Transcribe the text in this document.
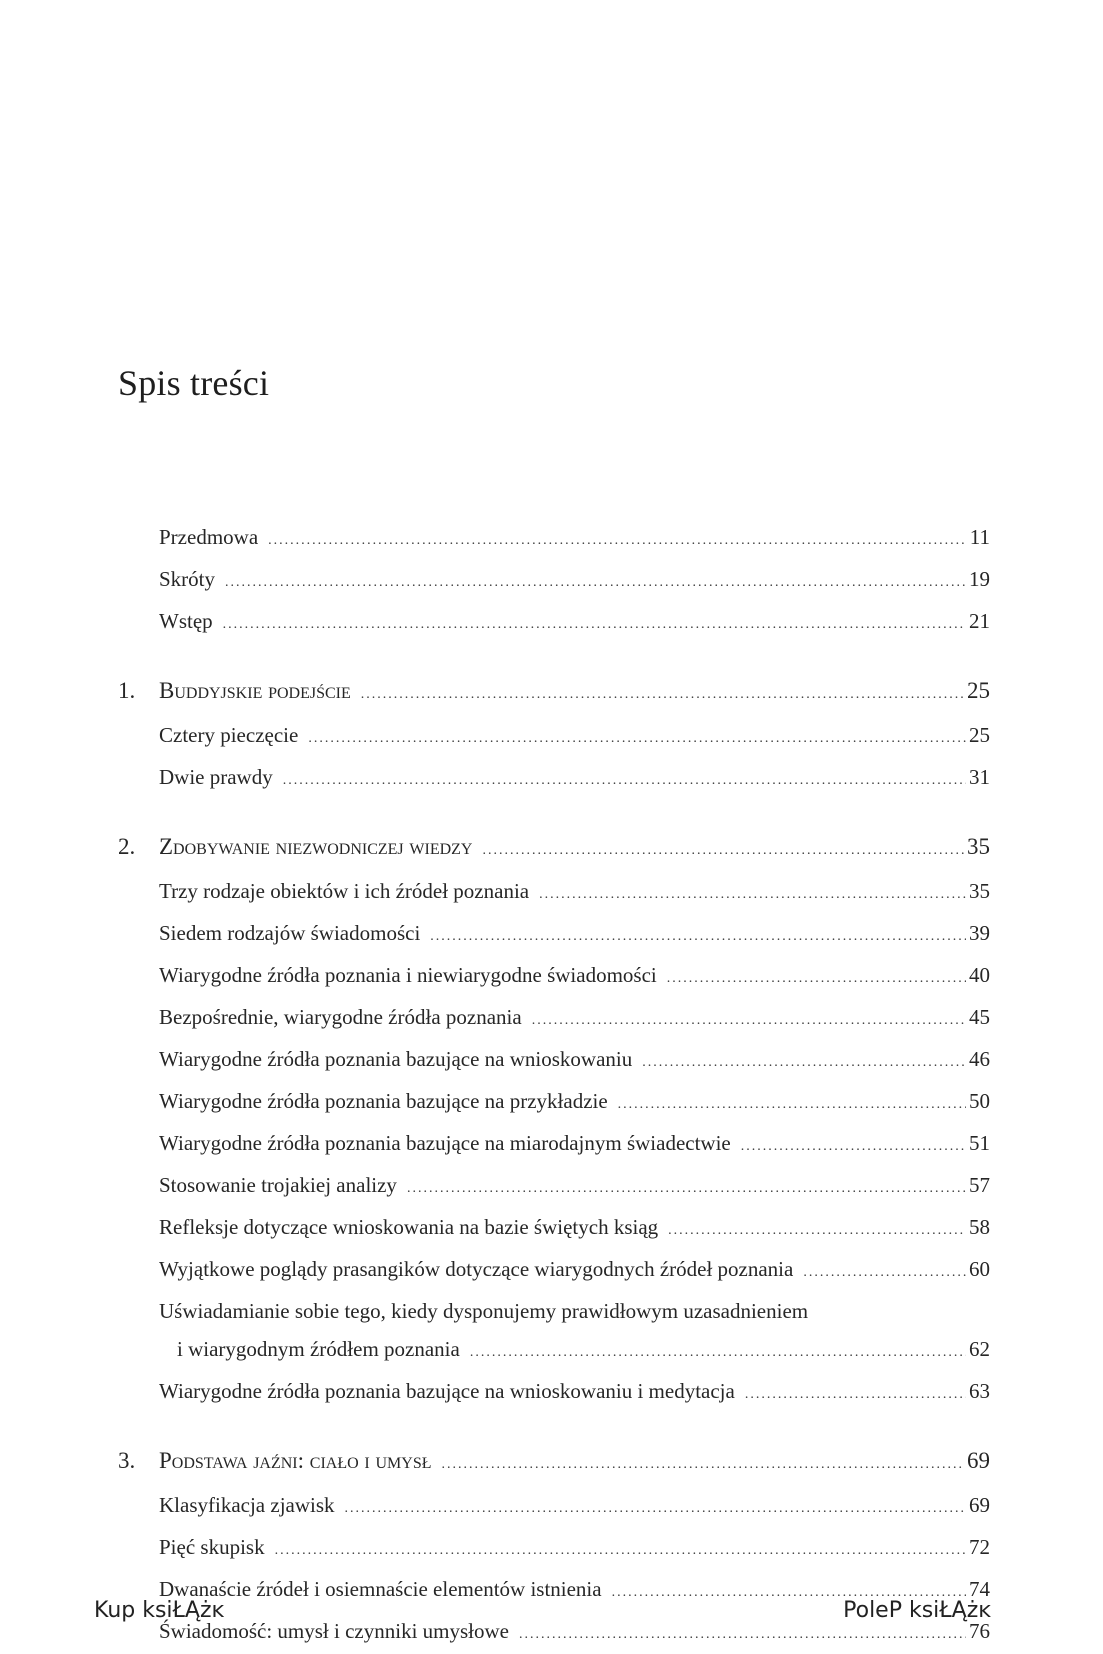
Spis treści
Przedmowa .....	11
Skróty .....	19
Wstęp .....	21
1.	Buddyjskie podejście .....	25
Cztery pieczęcie .....	25
Dwie prawdy .....	31
2.	Zdobywanie niezwodniczej wiedzy .....	35
Trzy rodzaje obiektów i ich źródeł poznania .....	35
Siedem rodzajów świadomości .....	39
Wiarygodne źródła poznania i niewiarygodne świadomości .....	40
Bezpośrednie, wiarygodne źródła poznania .....	45
Wiarygodne źródła poznania bazujące na wnioskowaniu .....	46
Wiarygodne źródła poznania bazujące na przykładzie .....	50
Wiarygodne źródła poznania bazujące na miarodajnym świadectwie .....	51
Stosowanie trojakiej analizy .....	57
Refleksje dotyczące wnioskowania na bazie świętych ksiąg .....	58
Wyjątkowe poglądy prasangików dotyczące wiarygodnych źródeł poznania .....	60
Uświadamianie sobie tego, kiedy dysponujemy prawidłowym uzasadnieniem
i wiarygodnym źródłem poznania .....	62
Wiarygodne źródła poznania bazujące na wnioskowaniu i medytacja .....	63
3.	Podstawa jaźni: ciało i umysł .....	69
Klasyfikacja zjawisk .....	69
Pięć skupisk .....	72
Dwanaście źródeł i osiemnaście elementów istnienia .....	74
Świadomość: umysł i czynniki umysłowe .....	76
Kup ksiŁĄżĸ	PoleP ksiŁĄżĸ
